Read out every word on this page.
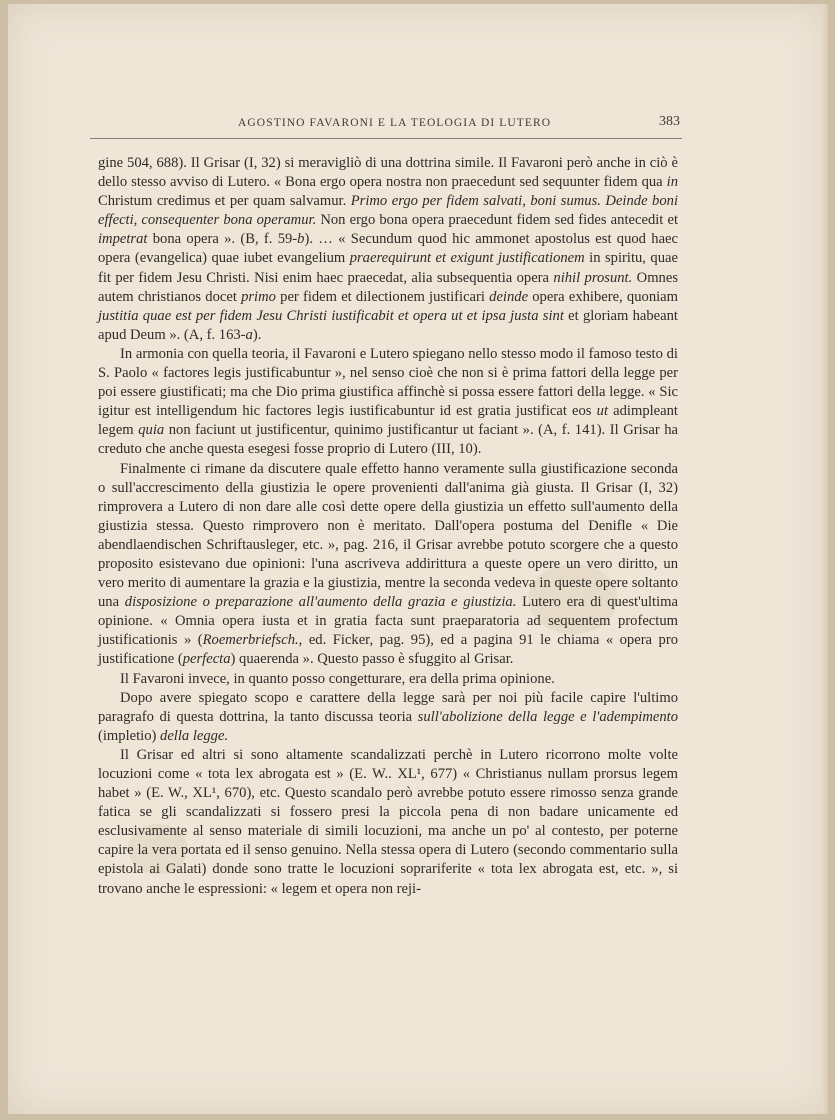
AGOSTINO FAVARONI E LA TEOLOGIA DI LUTERO	383

gine 504, 688). Il Grisar (I, 32) si meravigliò di una dottrina simile. Il Favaroni però anche in ciò è dello stesso avviso di Lutero. « Bona ergo opera nostra non praecedunt sed sequunter fidem qua in Christum credimus et per quam salvamur. Primo ergo per fidem salvati, boni sumus. Deinde boni effecti, consequenter bona operamur. Non ergo bona opera praecedunt fidem sed fides antecedit et impetrat bona opera ». (B, f. 59-b). … « Secundum quod hic ammonet apostolus est quod haec opera (evangelica) quae iubet evangelium praerequirunt et exigunt justificationem in spiritu, quae fit per fidem Jesu Christi. Nisi enim haec praecedat, alia subsequentia opera nihil prosunt. Omnes autem christianos docet primo per fidem et dilectionem justificari deinde opera exhibere, quoniam justitia quae est per fidem Jesu Christi iustificabit et opera ut et ipsa justa sint et gloriam habeant apud Deum ». (A, f. 163-a).

In armonia con quella teoria, il Favaroni e Lutero spiegano nello stesso modo il famoso testo di S. Paolo « factores legis justificabuntur », nel senso cioè che non si è prima fattori della legge per poi essere giustificati; ma che Dio prima giustifica affinchè si possa essere fattori della legge. « Sic igitur est intelligendum hic factores legis iustificabuntur id est gratia justificat eos ut adimpleant legem quia non faciunt ut justificentur, quinimo justificantur ut faciant ». (A, f. 141). Il Grisar ha creduto che anche questa esegesi fosse proprio di Lutero (III, 10).

Finalmente ci rimane da discutere quale effetto hanno veramente sulla giustificazione seconda o sull'accrescimento della giustizia le opere provenienti dall'anima già giusta. Il Grisar (I, 32) rimprovera a Lutero di non dare alle così dette opere della giustizia un effetto sull'aumento della giustizia stessa. Questo rimprovero non è meritato. Dall'opera postuma del Denifle « Die abendlaendischen Schriftausleger, etc. », pag. 216, il Grisar avrebbe potuto scorgere che a questo proposito esistevano due opinioni: l'una ascriveva addirittura a queste opere un vero diritto, un vero merito di aumentare la grazia e la giustizia, mentre la seconda vedeva in queste opere soltanto una disposizione o preparazione all'aumento della grazia e giustizia. Lutero era di quest'ultima opinione. « Omnia opera iusta et in gratia facta sunt praeparatoria ad sequentem profectum justificationis » (Roemerbriefsch., ed. Ficker, pag. 95), ed a pagina 91 le chiama « opera pro justificatione (perfecta) quaerenda ». Questo passo è sfuggito al Grisar.

Il Favaroni invece, in quanto posso congetturare, era della prima opinione.

Dopo avere spiegato scopo e carattere della legge sarà per noi più facile capire l'ultimo paragrafo di questa dottrina, la tanto discussa teoria sull'abolizione della legge e l'adempimento (impletio) della legge.

Il Grisar ed altri si sono altamente scandalizzati perchè in Lutero ricorrono molte volte locuzioni come « tota lex abrogata est » (E. W.. XL¹, 677) « Christianus nullam prorsus legem habet » (E. W., XL¹, 670), etc. Questo scandalo però avrebbe potuto essere rimosso senza grande fatica se gli scandalizzati si fossero presi la piccola pena di non badare unicamente ed esclusivamente al senso materiale di simili locuzioni, ma anche un po' al contesto, per poterne capire la vera portata ed il senso genuino. Nella stessa opera di Lutero (secondo commentario sulla epistola ai Galati) donde sono tratte le locuzioni soprariferite « tota lex abrogata est, etc. », si trovano anche le espressioni: « legem et opera non reji-
